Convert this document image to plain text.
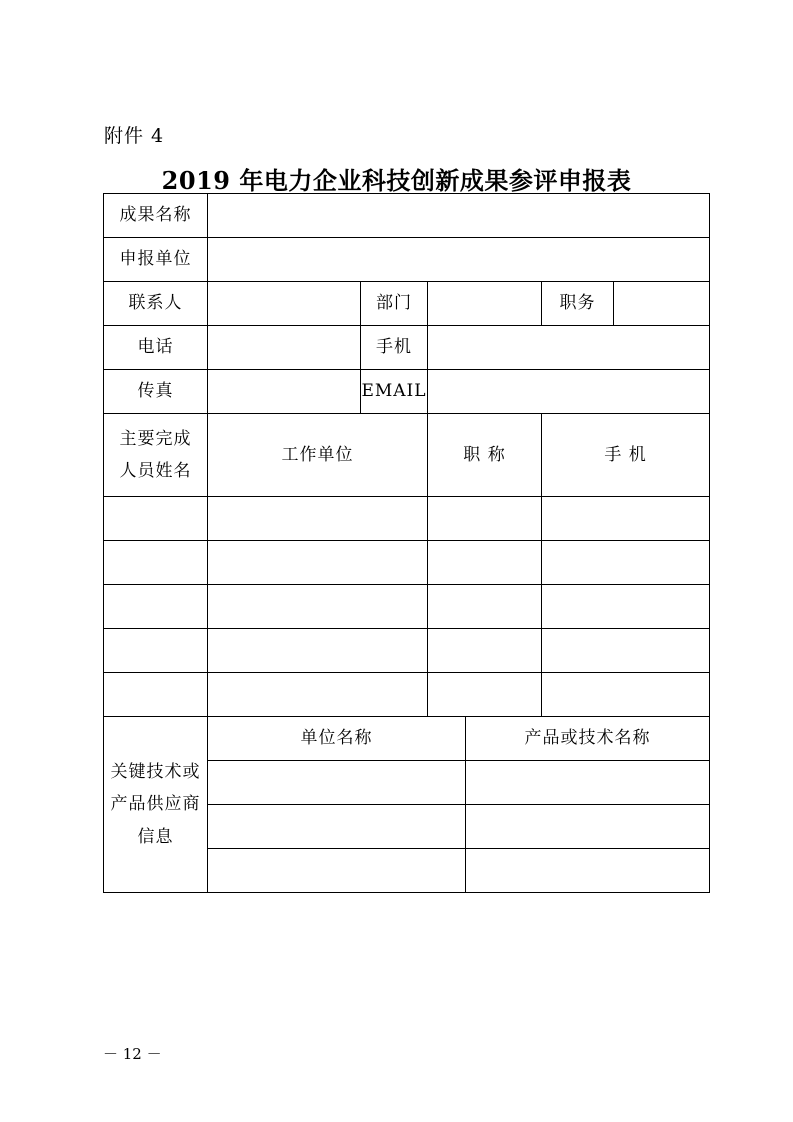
附件 4
2019 年电力企业科技创新成果参评申报表
成果名称						
申报单位						
联系人		部门			职务	
电话		手机				
传真		EMAIL				

主要完成
人员姓名	工作单位		职 称		手 机	

关键技术或
产品供应商
信息	单位名称			产品或技术名称		

－ 12 －
